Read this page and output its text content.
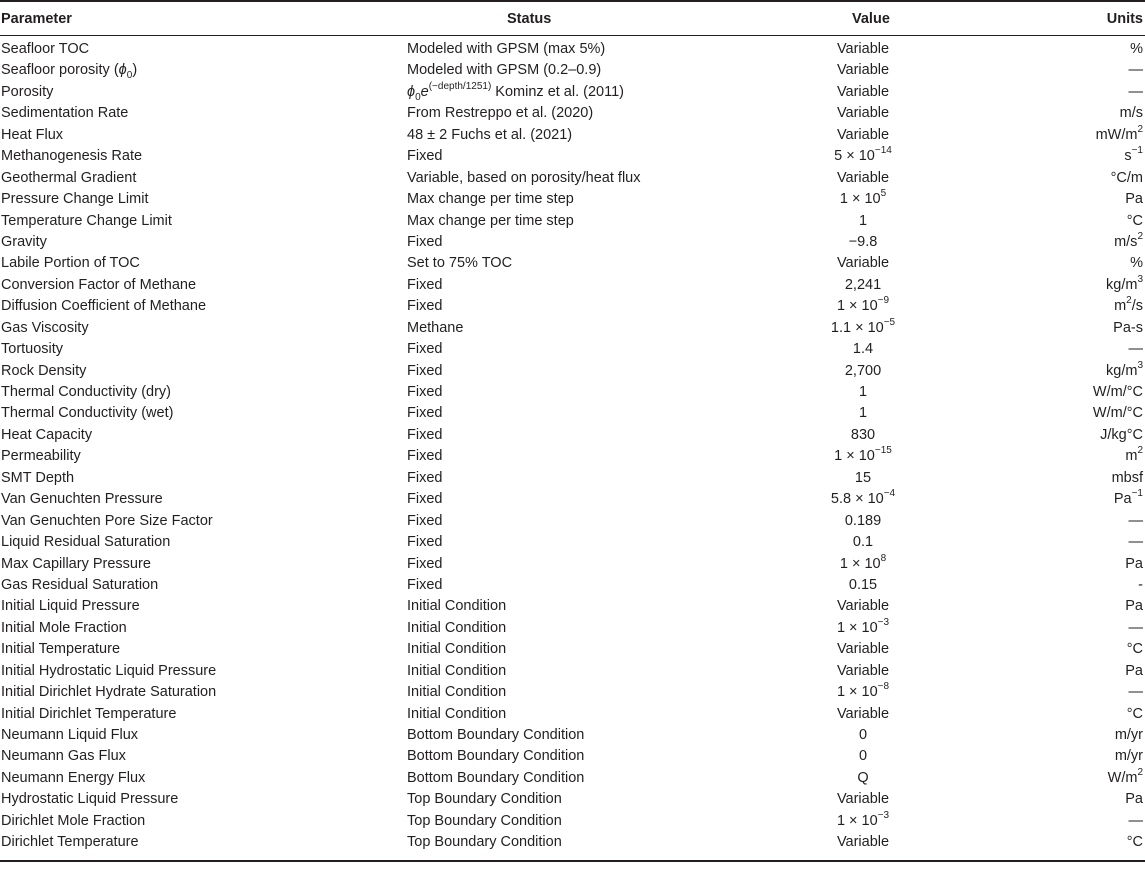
Parameter	Status	Value	Units
Seafloor TOC	Modeled with GPSM (max 5%)	Variable	%
Seafloor porosity $(\phi_0)$	Modeled with GPSM (0.2–0.9)	Variable	—
Porosity	$\phi_0e^{(-depth/1251)}$ Kominz et al. (2011)	Variable	—
Sedimentation Rate	From Restreppo et al. (2020)	Variable	m/s
Heat Flux	48 ± 2 Fuchs et al. (2021)	Variable	$mW/m^2$
Methanogenesis Rate	Fixed	$5 \times 10^{-14}$	$s^{-1}$
Geothermal Gradient	Variable, based on porosity/heat flux	Variable	°C/m
Pressure Change Limit	Max change per time step	$1 \times 10^5$	Pa
Temperature Change Limit	Max change per time step	1	°C
Gravity	Fixed	−9.8	$m/s^2$
Labile Portion of TOC	Set to 75% TOC	Variable	%
Conversion Factor of Methane	Fixed	2,241	$kg/m^3$
Diffusion Coefficient of Methane	Fixed	$1 \times 10^{-9}$	$m^2/s$
Gas Viscosity	Methane	$1.1 \times 10^{-5}$	Pa-s
Tortuosity	Fixed	1.4	—
Rock Density	Fixed	2,700	$kg/m^3$
Thermal Conductivity (dry)	Fixed	1	W/m/°C
Thermal Conductivity (wet)	Fixed	1	W/m/°C
Heat Capacity	Fixed	830	J/kg°C
Permeability	Fixed	$1 \times 10^{-15}$	$m^2$
SMT Depth	Fixed	15	mbsf
Van Genuchten Pressure	Fixed	$5.8 \times 10^{-4}$	$Pa^{-1}$
Van Genuchten Pore Size Factor	Fixed	0.189	—
Liquid Residual Saturation	Fixed	0.1	—
Max Capillary Pressure	Fixed	$1 \times 10^8$	Pa
Gas Residual Saturation	Fixed	0.15	-
Initial Liquid Pressure	Initial Condition	Variable	Pa
Initial Mole Fraction	Initial Condition	$1 \times 10^{-3}$	—
Initial Temperature	Initial Condition	Variable	°C
Initial Hydrostatic Liquid Pressure	Initial Condition	Variable	Pa
Initial Dirichlet Hydrate Saturation	Initial Condition	$1 \times 10^{-8}$	—
Initial Dirichlet Temperature	Initial Condition	Variable	°C
Neumann Liquid Flux	Bottom Boundary Condition	0	m/yr
Neumann Gas Flux	Bottom Boundary Condition	0	m/yr
Neumann Energy Flux	Bottom Boundary Condition	Q	$W/m^2$
Hydrostatic Liquid Pressure	Top Boundary Condition	Variable	Pa
Dirichlet Mole Fraction	Top Boundary Condition	$1 \times 10^{-3}$	—
Dirichlet Temperature	Top Boundary Condition	Variable	°C
